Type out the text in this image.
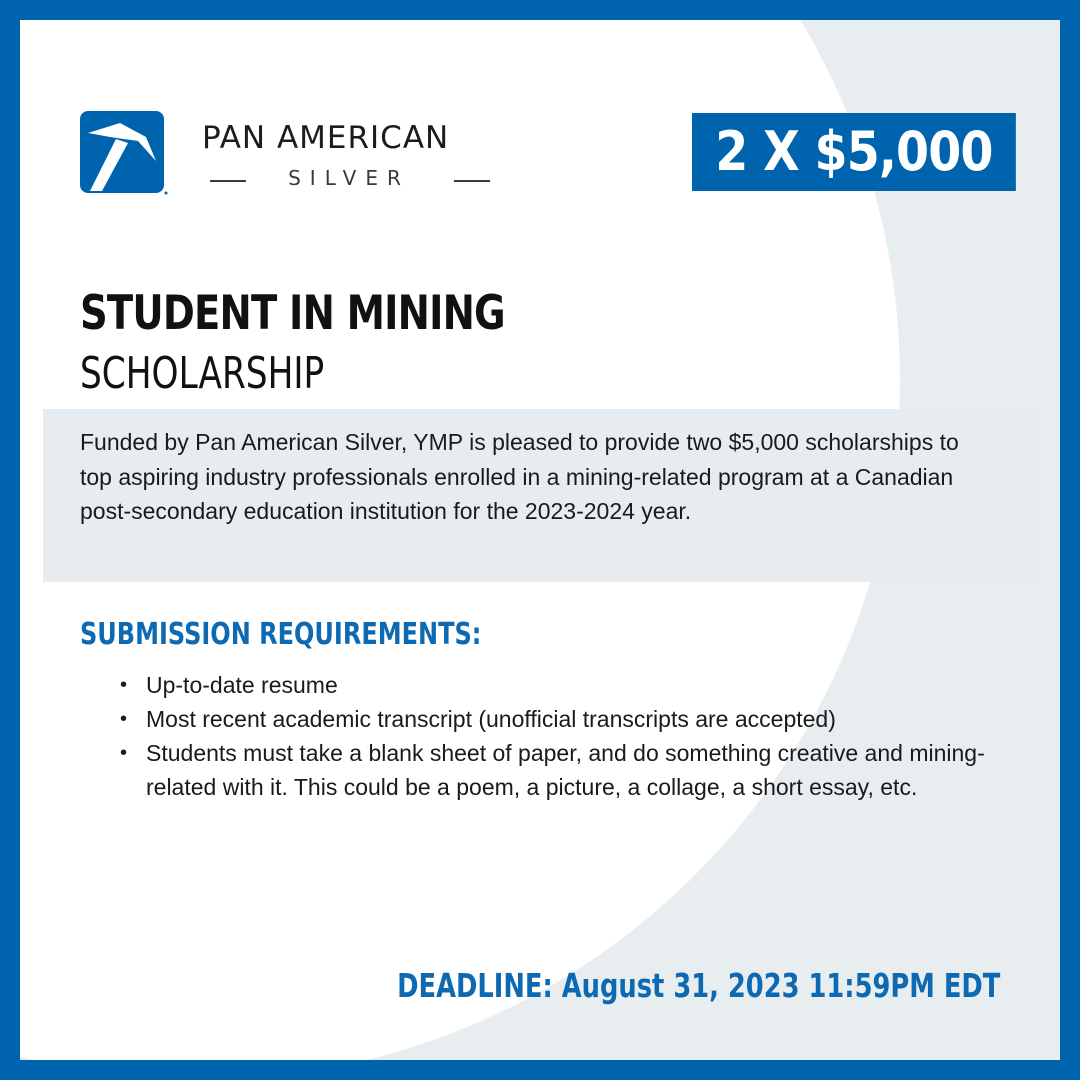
PAN AMERICAN
SILVER	2 X $5,000
STUDENT IN MINING
SCHOLARSHIP
Funded by Pan American Silver, YMP is pleased to provide two $5,000 scholarships to top aspiring industry professionals enrolled in a mining-related program at a Canadian post-secondary education institution for the 2023-2024 year.
SUBMISSION REQUIREMENTS:
• Up-to-date resume
• Most recent academic transcript (unofficial transcripts are accepted)
• Students must take a blank sheet of paper, and do something creative and mining-related with it. This could be a poem, a picture, a collage, a short essay, etc.
DEADLINE: August 31, 2023 11:59PM EDT
